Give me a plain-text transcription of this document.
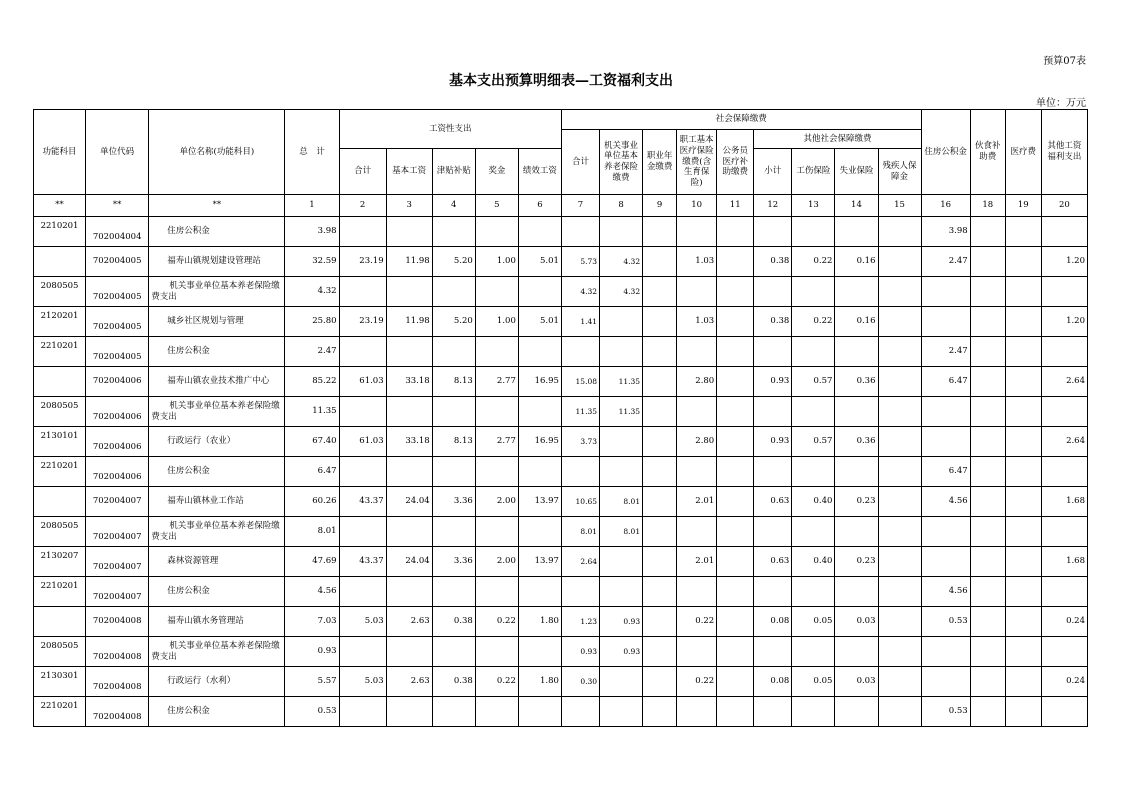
预算07表
基本支出预算明细表—工资福利支出
单位：万元
功能科目	单位代码	单位名称(功能科目)	总　计	工资性支出					社会保障缴费									住房公积金	伙食补助费	医疗费	其他工资福利支出
									合计	机关事业单位基本养老保险缴费	职业年金缴费	职工基本医疗保险缴费(含生育保险)	公务员医疗补助缴费	其他社会保障缴费							
				合计	基本工资	津贴补贴	奖金	绩效工资						小计	工伤保险	失业保险	残疾人保障金				
**	**	**	1	2	3	4	5	6	7	8	9	10	11	12	13	14	15	16	18	19	20
2210201	702004004	住房公积金	3.98															3.98			
	702004005	福寿山镇规划建设管理站	32.59	23.19	11.98	5.20	1.00	5.01	5.73	4.32		1.03		0.38	0.22	0.16		2.47			1.20
2080505	702004005	机关事业单位基本养老保险缴费支出	4.32						4.32	4.32											
2120201	702004005	城乡社区规划与管理	25.80	23.19	11.98	5.20	1.00	5.01	1.41			1.03		0.38	0.22	0.16					1.20
2210201	702004005	住房公积金	2.47															2.47			
	702004006	福寿山镇农业技术推广中心	85.22	61.03	33.18	8.13	2.77	16.95	15.08	11.35		2.80		0.93	0.57	0.36		6.47			2.64
2080505	702004006	机关事业单位基本养老保险缴费支出	11.35						11.35	11.35											
2130101	702004006	行政运行（农业）	67.40	61.03	33.18	8.13	2.77	16.95	3.73			2.80		0.93	0.57	0.36					2.64
2210201	702004006	住房公积金	6.47															6.47			
	702004007	福寿山镇林业工作站	60.26	43.37	24.04	3.36	2.00	13.97	10.65	8.01		2.01		0.63	0.40	0.23		4.56			1.68
2080505	702004007	机关事业单位基本养老保险缴费支出	8.01						8.01	8.01											
2130207	702004007	森林资源管理	47.69	43.37	24.04	3.36	2.00	13.97	2.64			2.01		0.63	0.40	0.23					1.68
2210201	702004007	住房公积金	4.56															4.56			
	702004008	福寿山镇水务管理站	7.03	5.03	2.63	0.38	0.22	1.80	1.23	0.93		0.22		0.08	0.05	0.03		0.53			0.24
2080505	702004008	机关事业单位基本养老保险缴费支出	0.93						0.93	0.93											
2130301	702004008	行政运行（水利）	5.57	5.03	2.63	0.38	0.22	1.80	0.30			0.22		0.08	0.05	0.03					0.24
2210201	702004008	住房公积金	0.53															0.53			
